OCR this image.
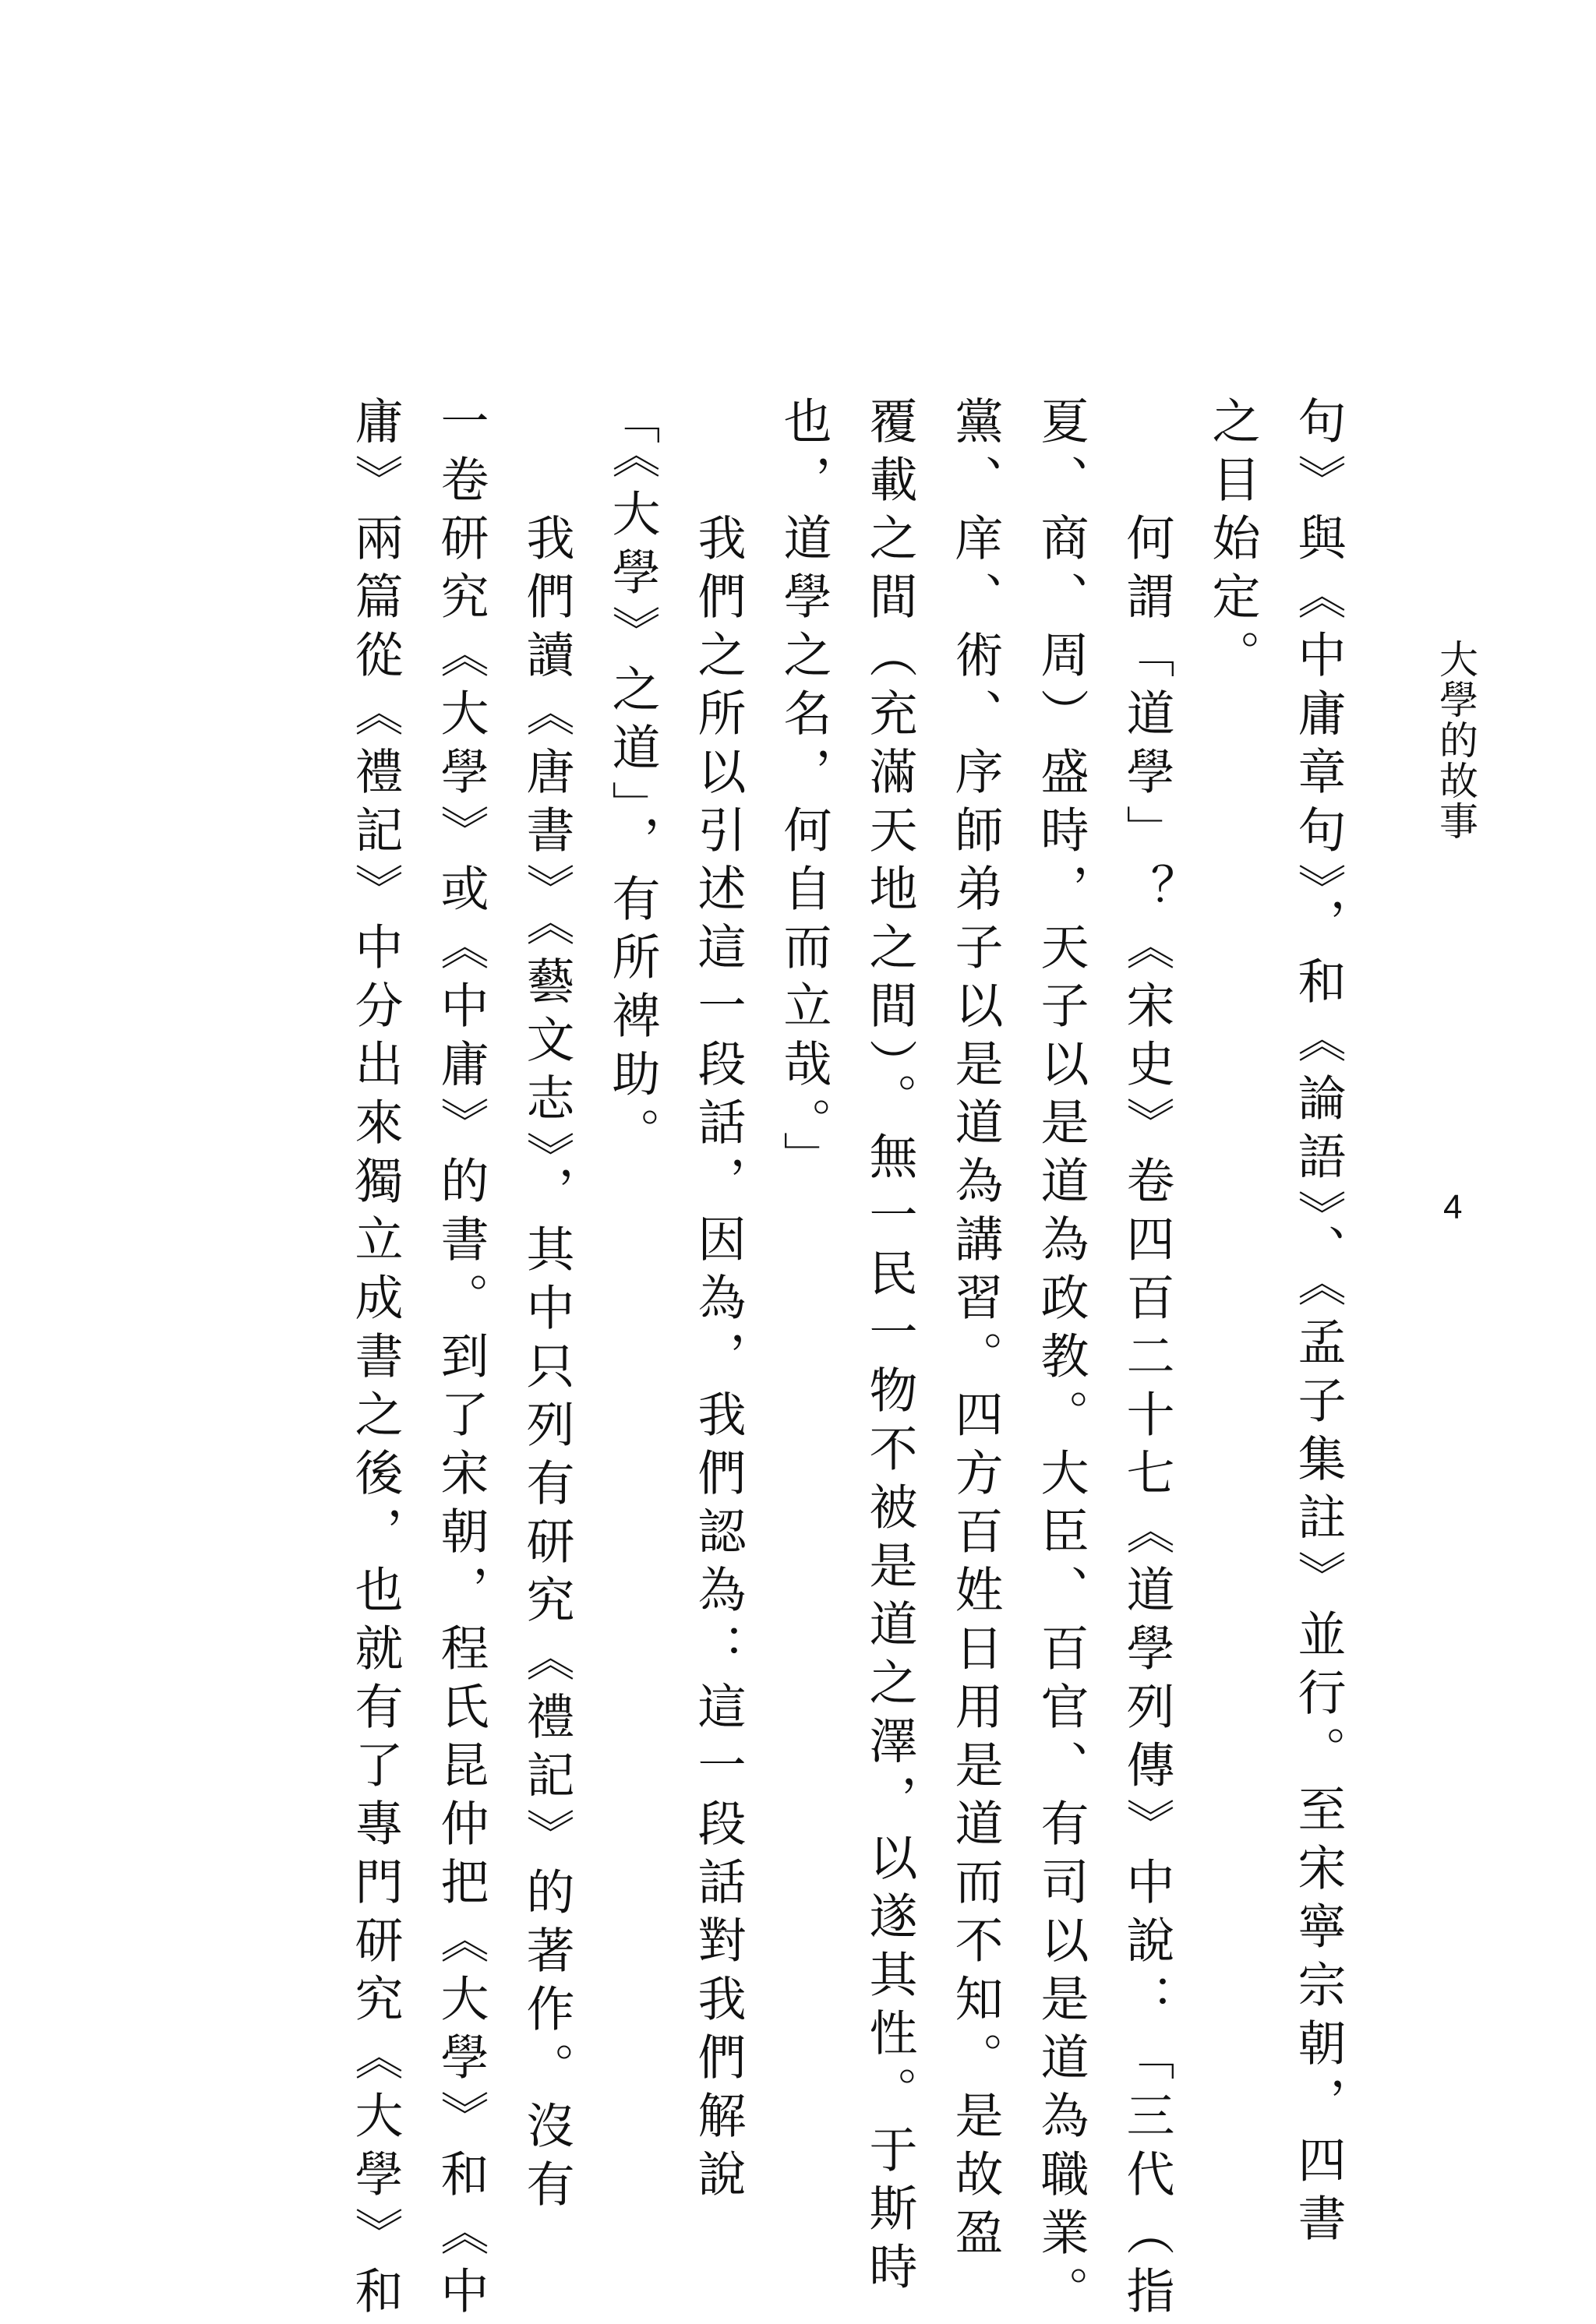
大學的故事
4
句》與《中庸章句》，和《論語》、《孟子集註》並行。至宋寧宗朝，四書
之目始定。
何謂「道學」？《宋史》卷四百二十七《道學列傳》中說：「三代（指
夏、商、周）盛時，天子以是道為政教。大臣、百官、有司以是道為職業。
黨、庠、術、序師弟子以是道為講習。四方百姓日用是道而不知。是故盈
覆載之間（充滿天地之間）。無一民一物不被是道之澤，以遂其性。于斯時
也，道學之名，何自而立哉。」
我們之所以引述這一段話，因為，我們認為：這一段話對我們解說
「《大學》之道」，有所裨助。
我們讀《唐書》《藝文志》，其中只列有研究《禮記》的著作。沒有
一卷研究《大學》或《中庸》的書。到了宋朝，程氏昆仲把《大學》和《中
庸》兩篇從《禮記》中分出來獨立成書之後，也就有了專門研究《大學》和
